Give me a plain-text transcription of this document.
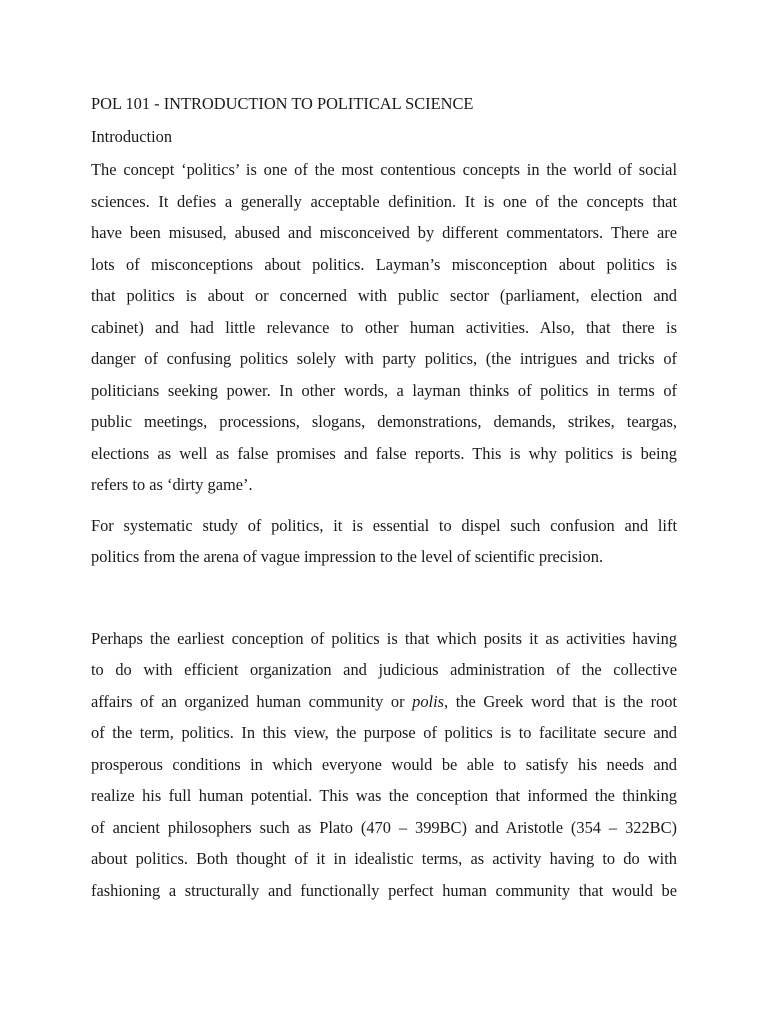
POL 101 - INTRODUCTION TO POLITICAL SCIENCE
Introduction
The concept ‘politics’ is one of the most contentious concepts in the world of social
sciences. It defies a generally acceptable definition. It is one of the concepts that
have been misused, abused and misconceived by different commentators. There are
lots of misconceptions about politics. Layman’s misconception about politics is
that politics is about or concerned with public sector (parliament, election and
cabinet) and had little relevance to other human activities. Also, that there is
danger of confusing politics solely with party politics, (the intrigues and tricks of
politicians seeking power. In other words, a layman thinks of politics in terms of
public meetings, processions, slogans, demonstrations, demands, strikes, teargas,
elections as well as false promises and false reports. This is why politics is being
refers to as ‘dirty game’.
For systematic study of politics, it is essential to dispel such confusion and lift
politics from the arena of vague impression to the level of scientific precision.
Perhaps the earliest conception of politics is that which posits it as activities having
to do with efficient organization and judicious administration of the collective
affairs of an organized human community or polis, the Greek word that is the root
of the term, politics. In this view, the purpose of politics is to facilitate secure and
prosperous conditions in which everyone would be able to satisfy his needs and
realize his full human potential. This was the conception that informed the thinking
of ancient philosophers such as Plato (470 – 399BC) and Aristotle (354 – 322BC)
about politics. Both thought of it in idealistic terms, as activity having to do with
fashioning a structurally and functionally perfect human community that would be
